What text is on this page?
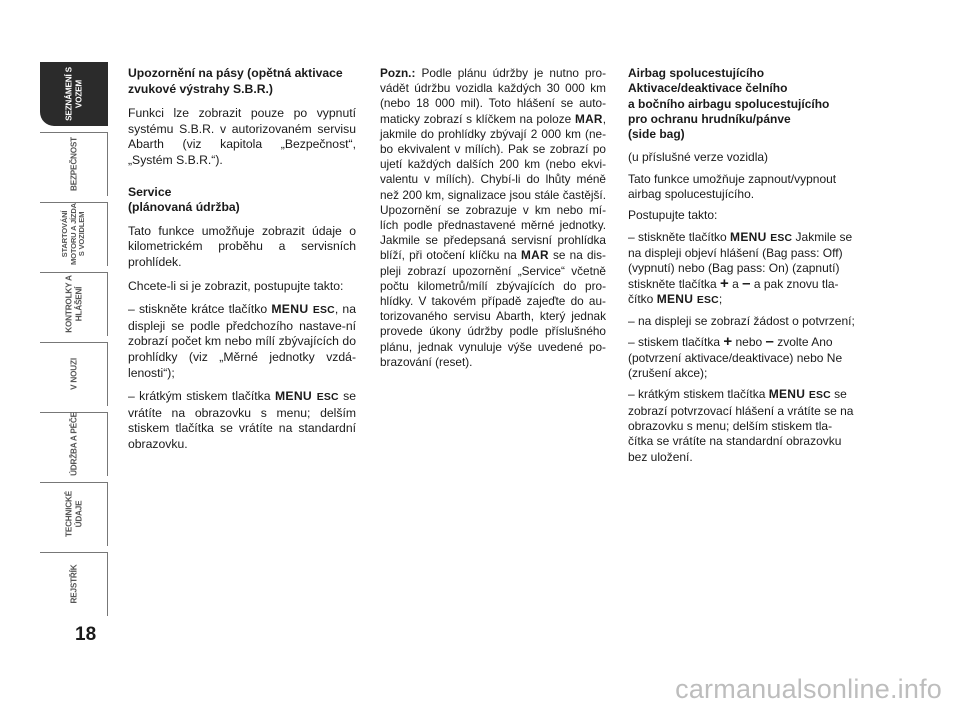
SEZNÁMENÍ S VOZEM
BEZPEČNOST
STARTOVÁNÍ MOTORU A JÍZDA S VOZIDLEM
KONTROLKY A HLÁŠENÍ
V NOUZI
ÚDRŽBA A PÉČE
TECHNICKÉ ÚDAJE
REJSTŘÍK
18

Upozornění na pásy (opětná aktivace zvukové výstrahy S.B.R.)

Funkci lze zobrazit pouze po vypnutí systému S.B.R. v autorizovaném servisu Abarth (viz kapitola „Bezpečnost“, „Systém S.B.R.“).

Service
(plánovaná údržba)

Tato funkce umožňuje zobrazit údaje o kilometrickém proběhu a servisních prohlídek.

Chcete-li si je zobrazit, postupujte takto:

– stiskněte krátce tlačítko MENU ESC, na displeji se podle předchozího nastave-ní zobrazí počet km nebo mílí zbývajících do prohlídky (viz „Měrné jednotky vzdá-lenosti“);

– krátkým stiskem tlačítka MENU ESC se vrátíte na obrazovku s menu; delším stiskem tlačítka se vrátíte na standardní obrazovku.

Pozn.: Podle plánu údržby je nutno pro-vádět údržbu vozidla každých 30 000 km (nebo 18 000 mil). Toto hlášení se auto-maticky zobrazí s klíčkem na poloze MAR, jakmile do prohlídky zbývají 2 000 km (ne-bo ekvivalent v mílích). Pak se zobrazí po ujetí každých dalších 200 km (nebo ekvi-valentu v mílích). Chybí-li do lhůty méně než 200 km, signalizace jsou stále častější. Upozornění se zobrazuje v km nebo mí-lích podle přednastavené měrné jednotky. Jakmile se předepsaná servisní prohlídka blíží, při otočení klíčku na MAR se na dis-pleji zobrazí upozornění „Service“ včetně počtu kilometrů/mílí zbývajících do pro-hlídky. V takovém případě zajeďte do au-torizovaného servisu Abarth, který jednak provede úkony údržby podle příslušného plánu, jednak vynuluje výše uvedené po-brazování (reset).

Airbag spolucestujícího
Aktivace/deaktivace čelního
a bočního airbagu spolucestujícího
pro ochranu hrudníku/pánve
(side bag)

(u příslušné verze vozidla)

Tato funkce umožňuje zapnout/vypnout airbag spolucestujícího.

Postupujte takto:

– stiskněte tlačítko MENU ESC Jakmile se na displeji objeví hlášení (Bag pass: Off) (vypnutí) nebo (Bag pass: On) (zapnutí) stiskněte tlačítka + a – a pak znovu tla-čítko MENU ESC;

– na displeji se zobrazí žádost o potvrzení;

– stiskem tlačítka + nebo – zvolte Ano (potvrzení aktivace/deaktivace) nebo Ne (zrušení akce);

– krátkým stiskem tlačítka MENU ESC se zobrazí potvrzovací hlášení a vrátíte se na obrazovku s menu; delším stiskem tla-čítka se vrátíte na standardní obrazovku bez uložení.

carmanualsonline.info
